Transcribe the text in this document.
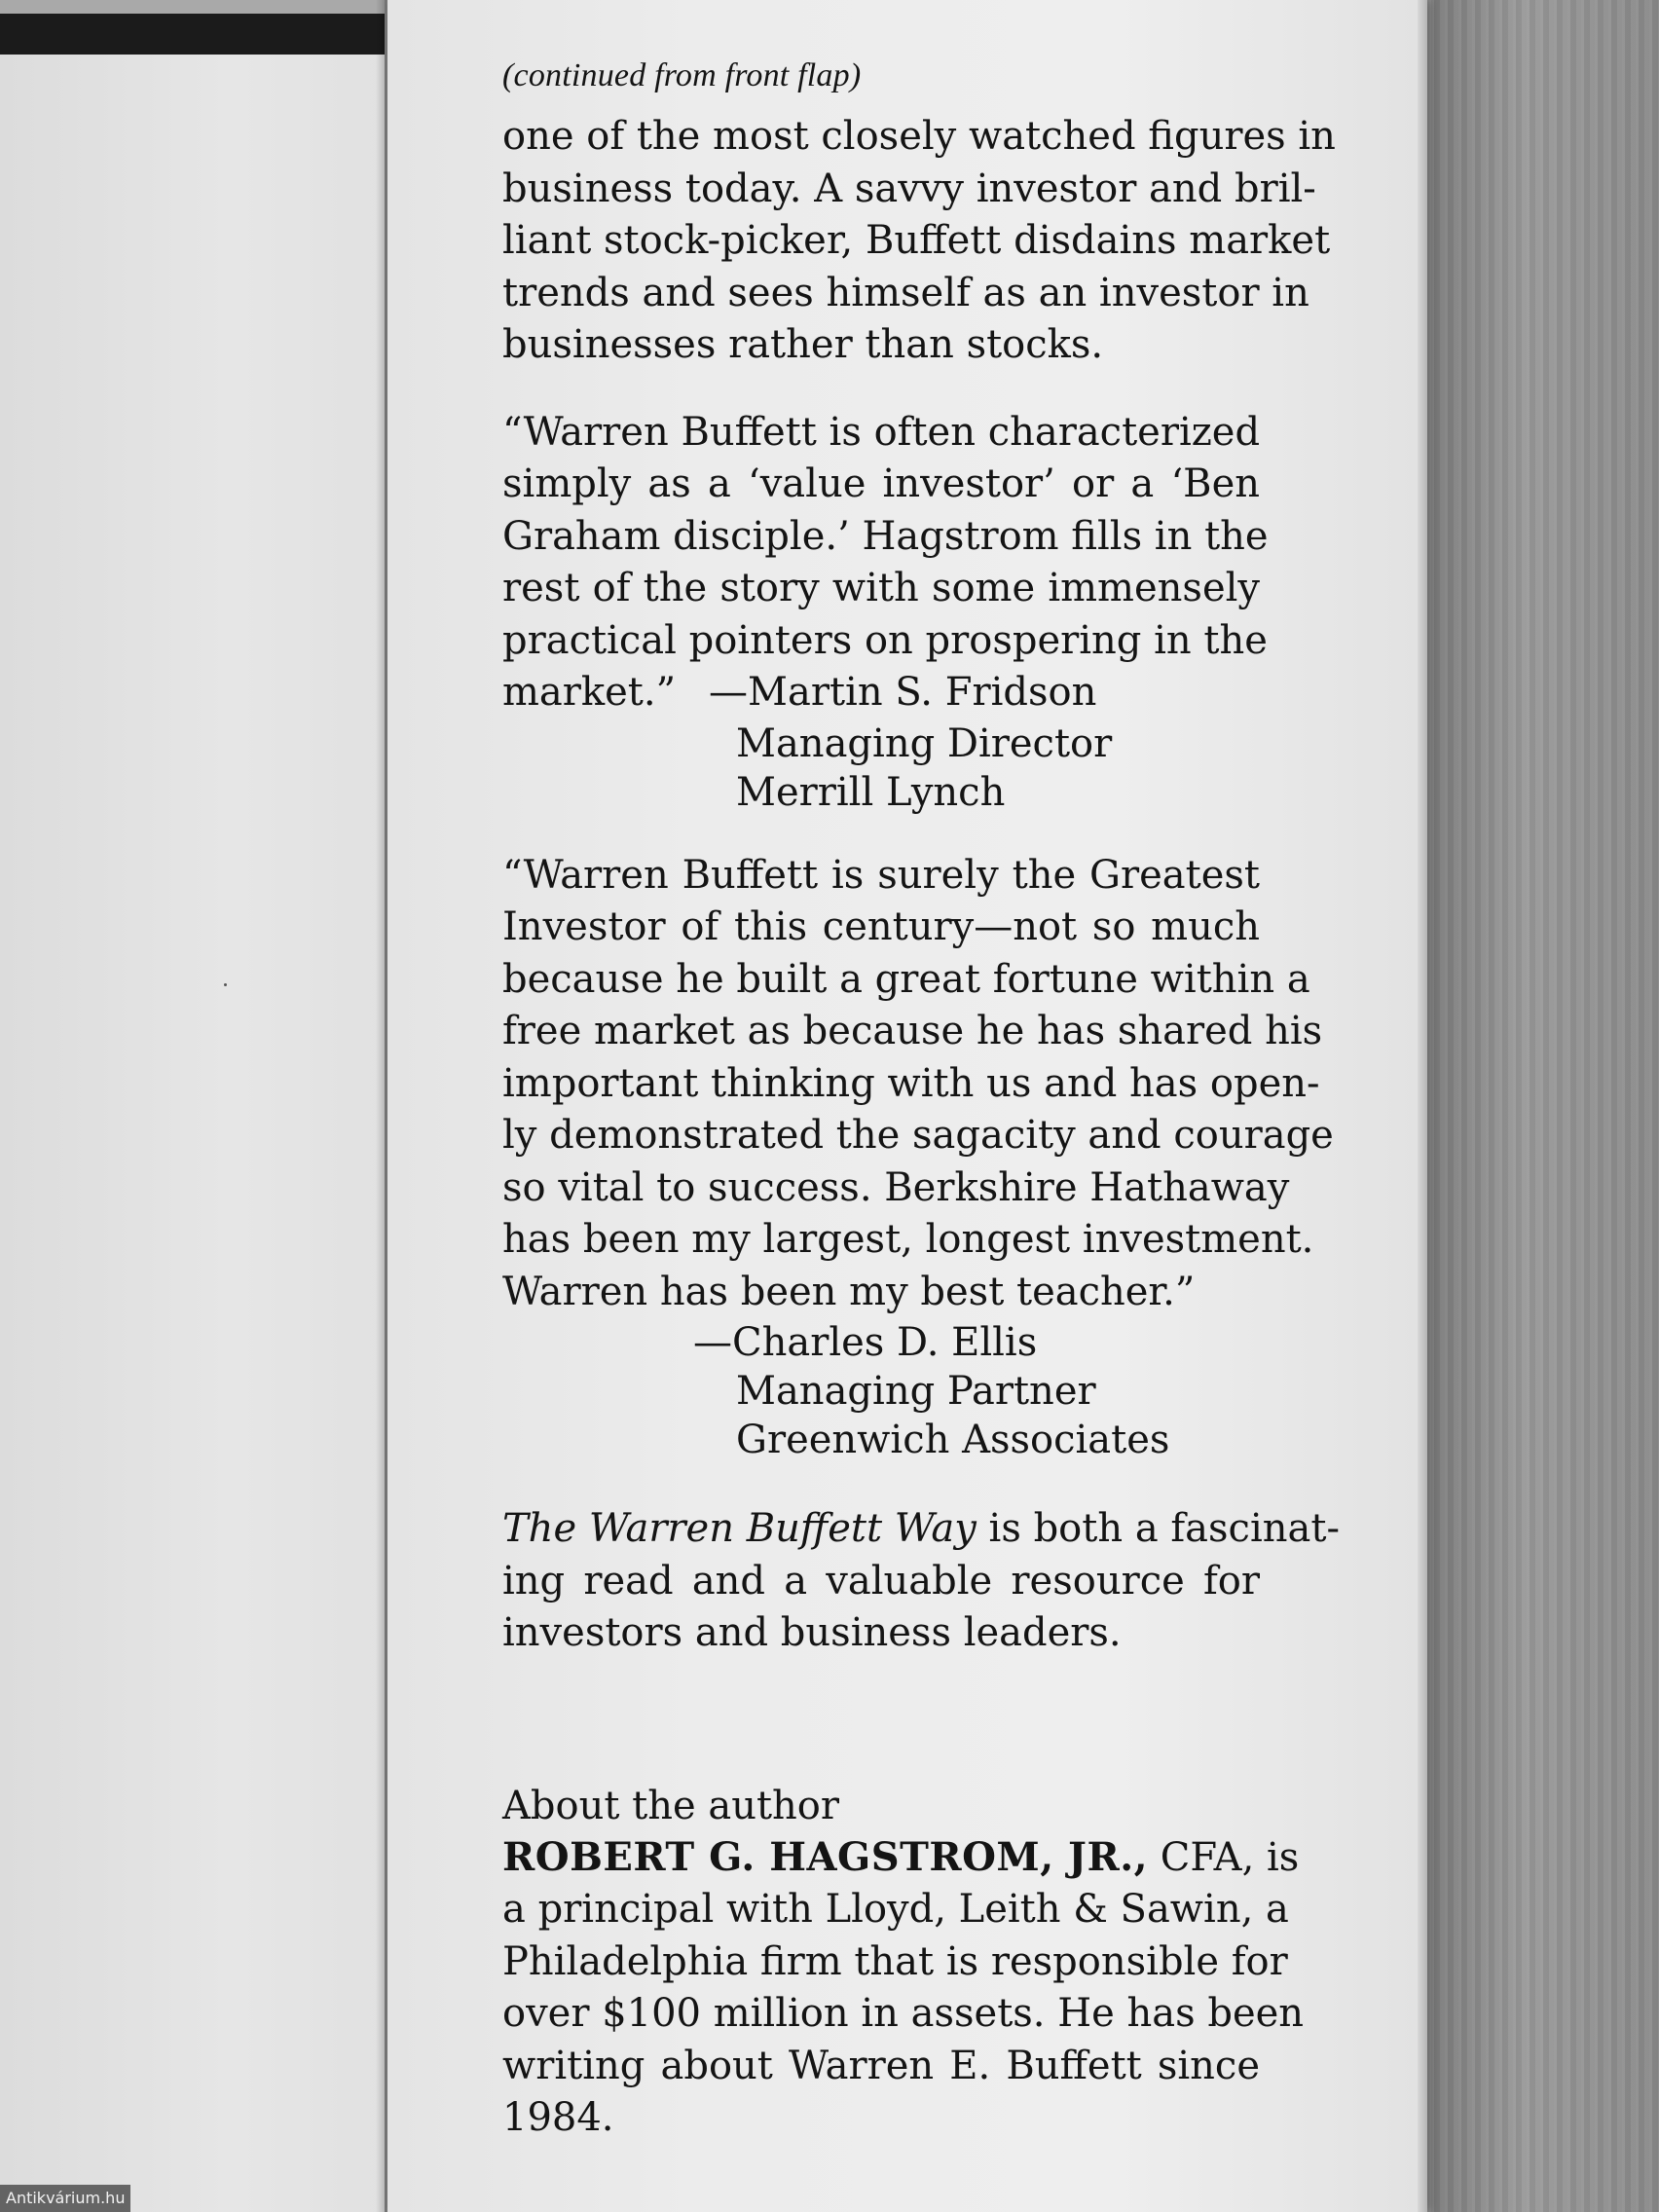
(continued from front flap)
one of the most closely watched figures in
business today. A savvy investor and bril-
liant stock-picker, Buffett disdains market
trends and sees himself as an investor in
businesses rather than stocks.
“Warren Buffett is often characterized
simply as a ‘value investor’ or a ‘Ben
Graham disciple.’ Hagstrom fills in the
rest of the story with some immensely
practical pointers on prospering in the
market.” —Martin S. Fridson
Managing Director
Merrill Lynch
“Warren Buffett is surely the Greatest
Investor of this century—not so much
because he built a great fortune within a
free market as because he has shared his
important thinking with us and has open-
ly demonstrated the sagacity and courage
so vital to success. Berkshire Hathaway
has been my largest, longest investment.
Warren has been my best teacher.”
—Charles D. Ellis
Managing Partner
Greenwich Associates
The Warren Buffett Way is both a fascinat-
ing read and a valuable resource for
investors and business leaders.
About the author
ROBERT G. HAGSTROM, JR., CFA, is
a principal with Lloyd, Leith & Sawin, a
Philadelphia firm that is responsible for
over $100 million in assets. He has been
writing about Warren E. Buffett since
1984.
Antikvárium.hu
